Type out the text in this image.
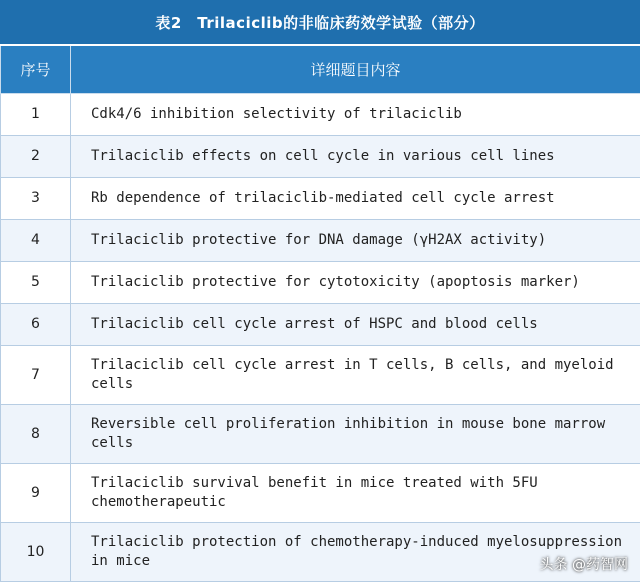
表2　Trilaciclib的非临床药效学试验（部分）
序号	详细题目内容
1	Cdk4/6 inhibition selectivity of trilaciclib
2	Trilaciclib effects on cell cycle in various cell lines
3	Rb dependence of trilaciclib-mediated cell cycle arrest
4	Trilaciclib protective for DNA damage (γH2AX activity)
5	Trilaciclib protective for cytotoxicity (apoptosis marker)
6	Trilaciclib cell cycle arrest of HSPC and blood cells
7	Trilaciclib cell cycle arrest in T cells, B cells, and myeloid cells
8	Reversible cell proliferation inhibition in mouse bone marrow cells
9	Trilaciclib survival benefit in mice treated with 5FU chemotherapeutic
10	Trilaciclib protection of chemotherapy-induced myelosuppression in mice	头条 @药智网
